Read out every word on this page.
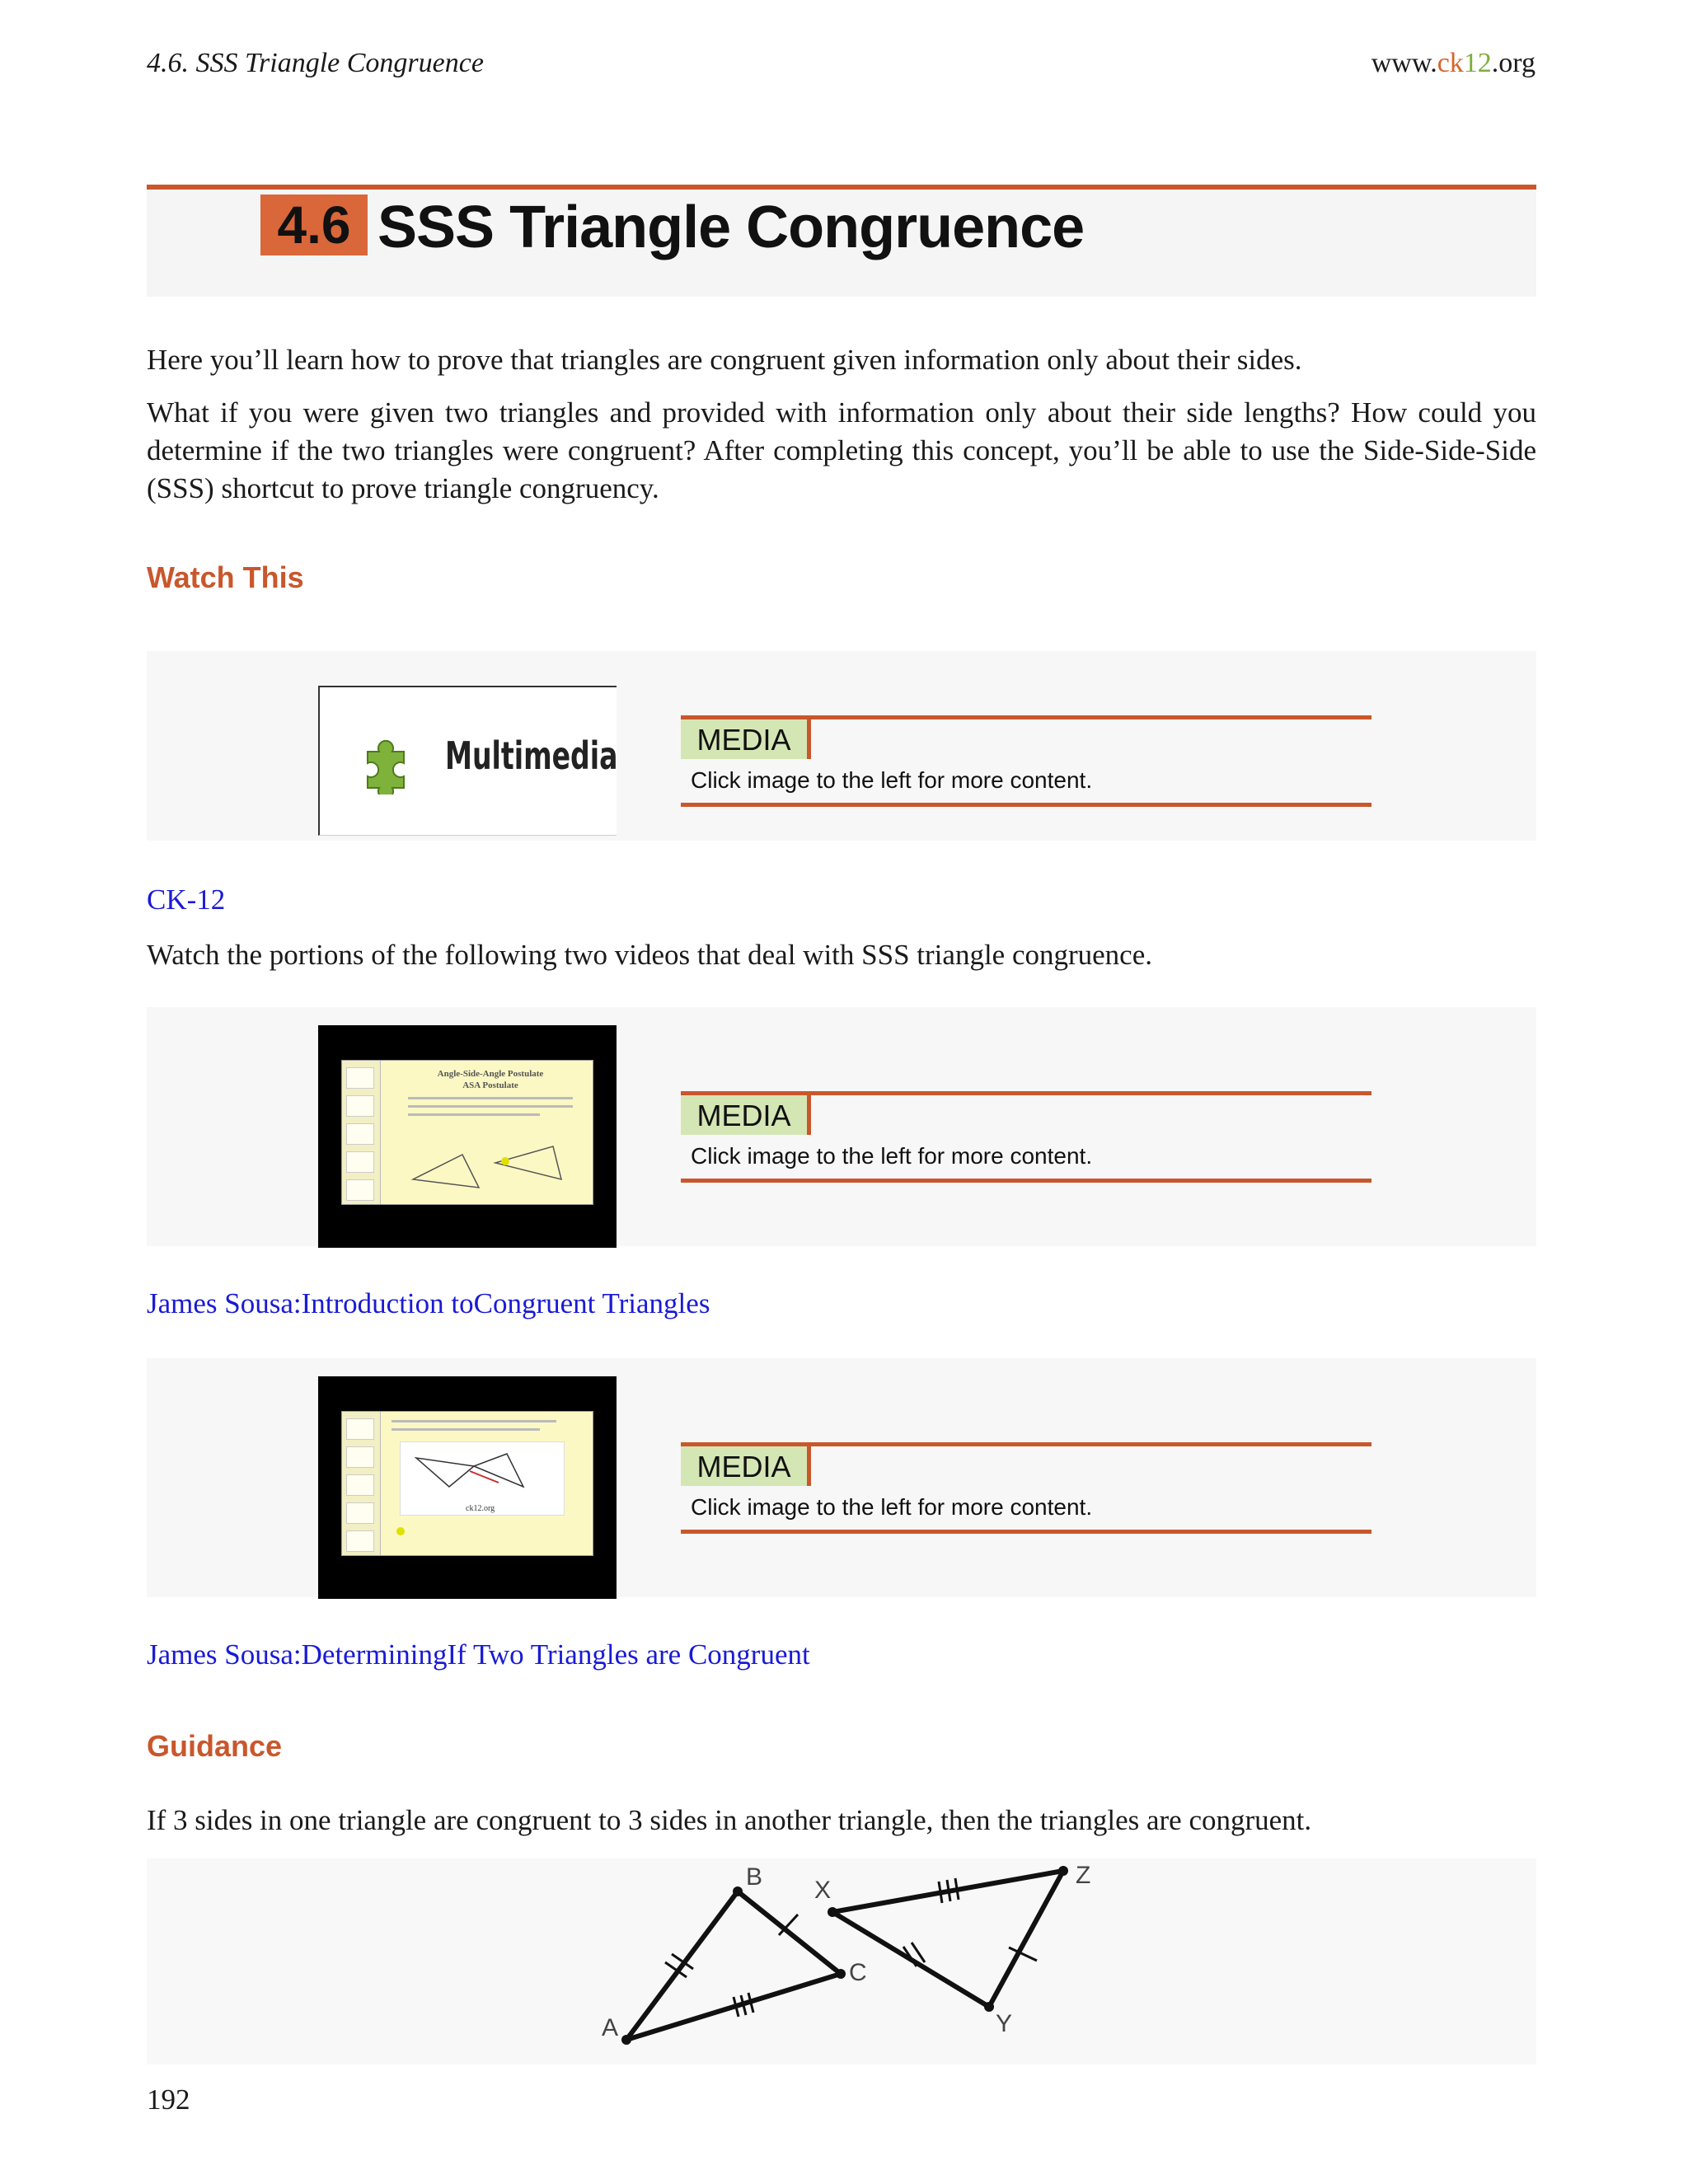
4.6. SSS Triangle Congruence	www.ck12.org
4.6 SSS Triangle Congruence
Here you’ll learn how to prove that triangles are congruent given information only about their sides.
What if you were given two triangles and provided with information only about their side lengths? How could you determine if the two triangles were congruent? After completing this concept, you’ll be able to use the Side-Side-Side (SSS) shortcut to prove triangle congruency.
Watch This
Multimedia	MEDIA
Click image to the left for more content.
CK-12
Watch the portions of the following two videos that deal with SSS triangle congruence.
Angle-Side-Angle Postulate
ASA Postulate
MEDIA
Click image to the left for more content.
James Sousa:Introduction toCongruent Triangles
ck12.org
MEDIA
Click image to the left for more content.
James Sousa:DeterminingIf Two Triangles are Congruent
Guidance
If 3 sides in one triangle are congruent to 3 sides in another triangle, then the triangles are congruent.
A
B
C
X
Y
Z
192
